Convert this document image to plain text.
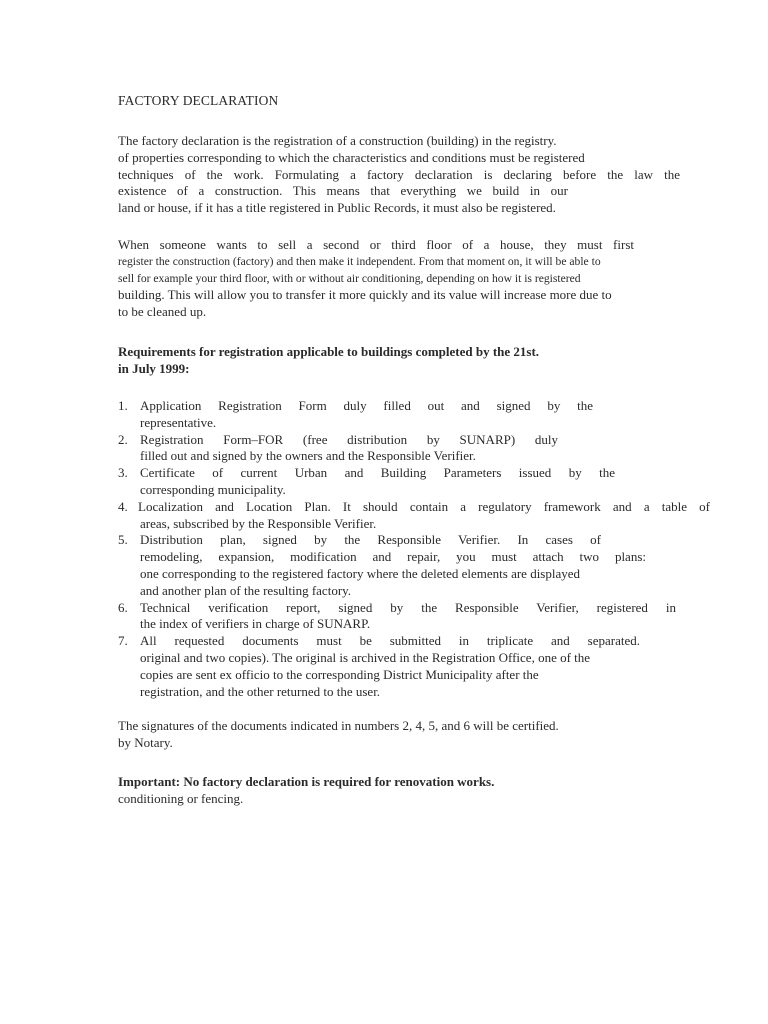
FACTORY DECLARATION
The factory declaration is the registration of a construction (building) in the registry.
of properties corresponding to which the characteristics and conditions must be registered
techniques of the work. Formulating a factory declaration is declaring before the law the
existence of a construction. This means that everything we build in our
land or house, if it has a title registered in Public Records, it must also be registered.
When someone wants to sell a second or third floor of a house, they must first
register the construction (factory) and then make it independent. From that moment on, it will be able to
sell for example your third floor, with or without air conditioning, depending on how it is registered
building. This will allow you to transfer it more quickly and its value will increase more due to
to be cleaned up.
Requirements for registration applicable to buildings completed by the 21st.
in July 1999:
1. Application Registration Form duly filled out and signed by the
representative.
2. Registration Form–FOR (free distribution by SUNARP) duly
filled out and signed by the owners and the Responsible Verifier.
3. Certificate of current Urban and Building Parameters issued by the
corresponding municipality.
4. Localization and Location Plan. It should contain a regulatory framework and a table of
areas, subscribed by the Responsible Verifier.
5. Distribution plan, signed by the Responsible Verifier. In cases of
remodeling, expansion, modification and repair, you must attach two plans:
one corresponding to the registered factory where the deleted elements are displayed
and another plan of the resulting factory.
6. Technical verification report, signed by the Responsible Verifier, registered in
the index of verifiers in charge of SUNARP.
7. All requested documents must be submitted in triplicate and separated.
original and two copies). The original is archived in the Registration Office, one of the
copies are sent ex officio to the corresponding District Municipality after the
registration, and the other returned to the user.
The signatures of the documents indicated in numbers 2, 4, 5, and 6 will be certified.
by Notary.
Important: No factory declaration is required for renovation works.
conditioning or fencing.
